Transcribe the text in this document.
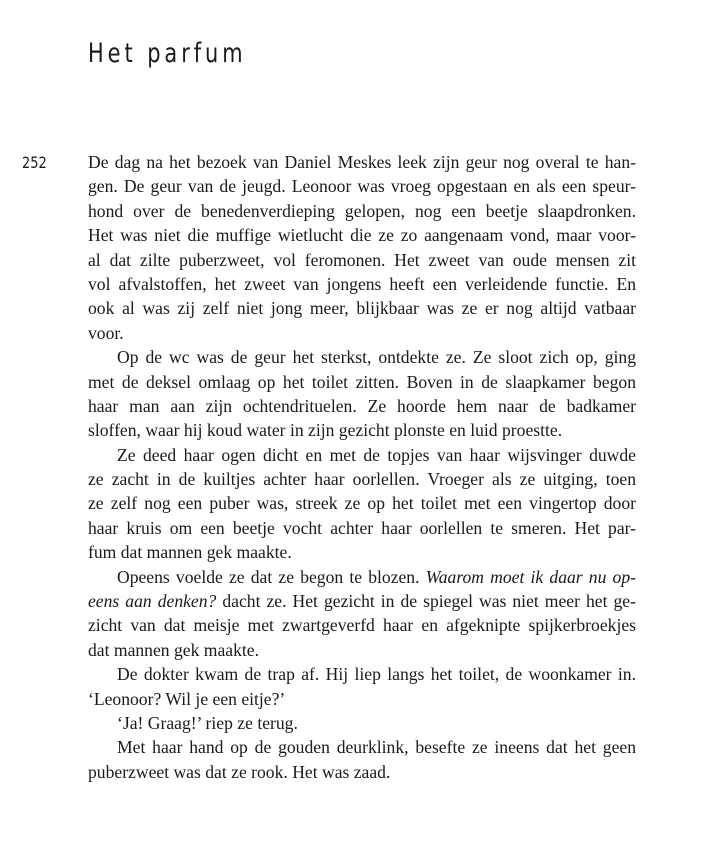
Het parfum
252 De dag na het bezoek van Daniel Meskes leek zijn geur nog overal te han-
gen. De geur van de jeugd. Leonoor was vroeg opgestaan en als een speur-
hond over de benedenverdieping gelopen, nog een beetje slaapdronken.
Het was niet die muffige wietlucht die ze zo aangenaam vond, maar voor-
al dat zilte puberzweet, vol feromonen. Het zweet van oude mensen zit
vol afvalstoffen, het zweet van jongens heeft een verleidende functie. En
ook al was zij zelf niet jong meer, blijkbaar was ze er nog altijd vatbaar
voor.
Op de wc was de geur het sterkst, ontdekte ze. Ze sloot zich op, ging
met de deksel omlaag op het toilet zitten. Boven in de slaapkamer begon
haar man aan zijn ochtendrituelen. Ze hoorde hem naar de badkamer
sloffen, waar hij koud water in zijn gezicht plonste en luid proestte.
Ze deed haar ogen dicht en met de topjes van haar wijsvinger duwde
ze zacht in de kuiltjes achter haar oorlellen. Vroeger als ze uitging, toen
ze zelf nog een puber was, streek ze op het toilet met een vingertop door
haar kruis om een beetje vocht achter haar oorlellen te smeren. Het par-
fum dat mannen gek maakte.
Opeens voelde ze dat ze begon te blozen. Waarom moet ik daar nu op-
eens aan denken? dacht ze. Het gezicht in de spiegel was niet meer het ge-
zicht van dat meisje met zwartgeverfd haar en afgeknipte spijkerbroekjes
dat mannen gek maakte.
De dokter kwam de trap af. Hij liep langs het toilet, de woonkamer in.
‘Leonoor? Wil je een eitje?’
‘Ja! Graag!’ riep ze terug.
Met haar hand op de gouden deurklink, besefte ze ineens dat het geen
puberzweet was dat ze rook. Het was zaad.
